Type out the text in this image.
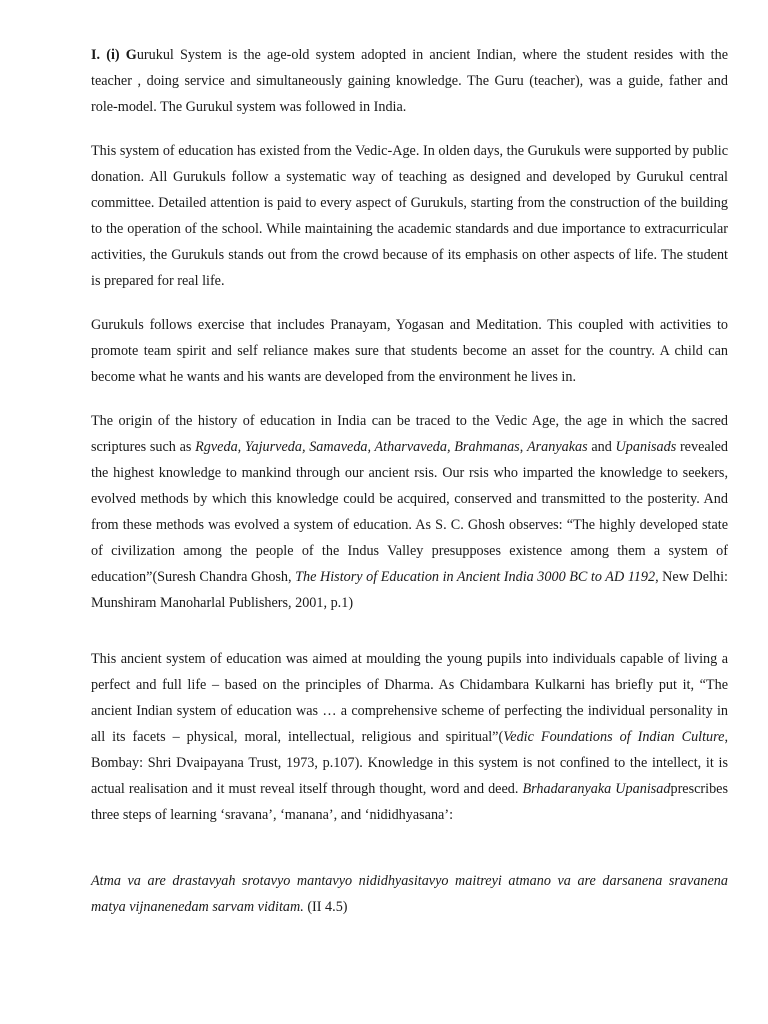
I. (i) Gurukul System is the age-old system adopted in ancient Indian, where the student resides with the teacher , doing service and simultaneously gaining knowledge. The Guru (teacher), was a guide, father and role-model. The Gurukul system was followed in India.

This system of education has existed from the Vedic-Age. In olden days, the Gurukuls were supported by public donation. All Gurukuls follow a systematic way of teaching as designed and developed by Gurukul central committee. Detailed attention is paid to every aspect of Gurukuls, starting from the construction of the building to the operation of the school. While maintaining the academic standards and due importance to extracurricular activities, the Gurukuls stands out from the crowd because of its emphasis on other aspects of life. The student is prepared for real life.

Gurukuls follows exercise that includes Pranayam, Yogasan and Meditation. This coupled with activities to promote team spirit and self reliance makes sure that students become an asset for the country. A child can become what he wants and his wants are developed from the environment he lives in.

The origin of the history of education in India can be traced to the Vedic Age, the age in which the sacred scriptures such as Rgveda, Yajurveda, Samaveda, Atharvaveda, Brahmanas, Aranyakas and Upanisads revealed the highest knowledge to mankind through our ancient rsis. Our rsis who imparted the knowledge to seekers, evolved methods by which this knowledge could be acquired, conserved and transmitted to the posterity. And from these methods was evolved a system of education. As S. C. Ghosh observes: “The highly developed state of civilization among the people of the Indus Valley presupposes existence among them a system of education”(Suresh Chandra Ghosh, The History of Education in Ancient India 3000 BC to AD 1192, New Delhi: Munshiram Manoharlal Publishers, 2001, p.1)

This ancient system of education was aimed at moulding the young pupils into individuals capable of living a perfect and full life – based on the principles of Dharma. As Chidambara Kulkarni has briefly put it, “The ancient Indian system of education was … a comprehensive scheme of perfecting the individual personality in all its facets – physical, moral, intellectual, religious and spiritual”(Vedic Foundations of Indian Culture, Bombay: Shri Dvaipayana Trust, 1973, p.107). Knowledge in this system is not confined to the intellect, it is actual realisation and it must reveal itself through thought, word and deed. Brhadaranyaka Upanisadprescribes three steps of learning ‘sravana’, ‘manana’, and ‘nididhyasana’:

Atma va are drastavyah srotavyo mantavyo nididhyasitavyo maitreyi atmano va are darsanena sravanena matya vijnanenedam sarvam viditam. (II 4.5)
